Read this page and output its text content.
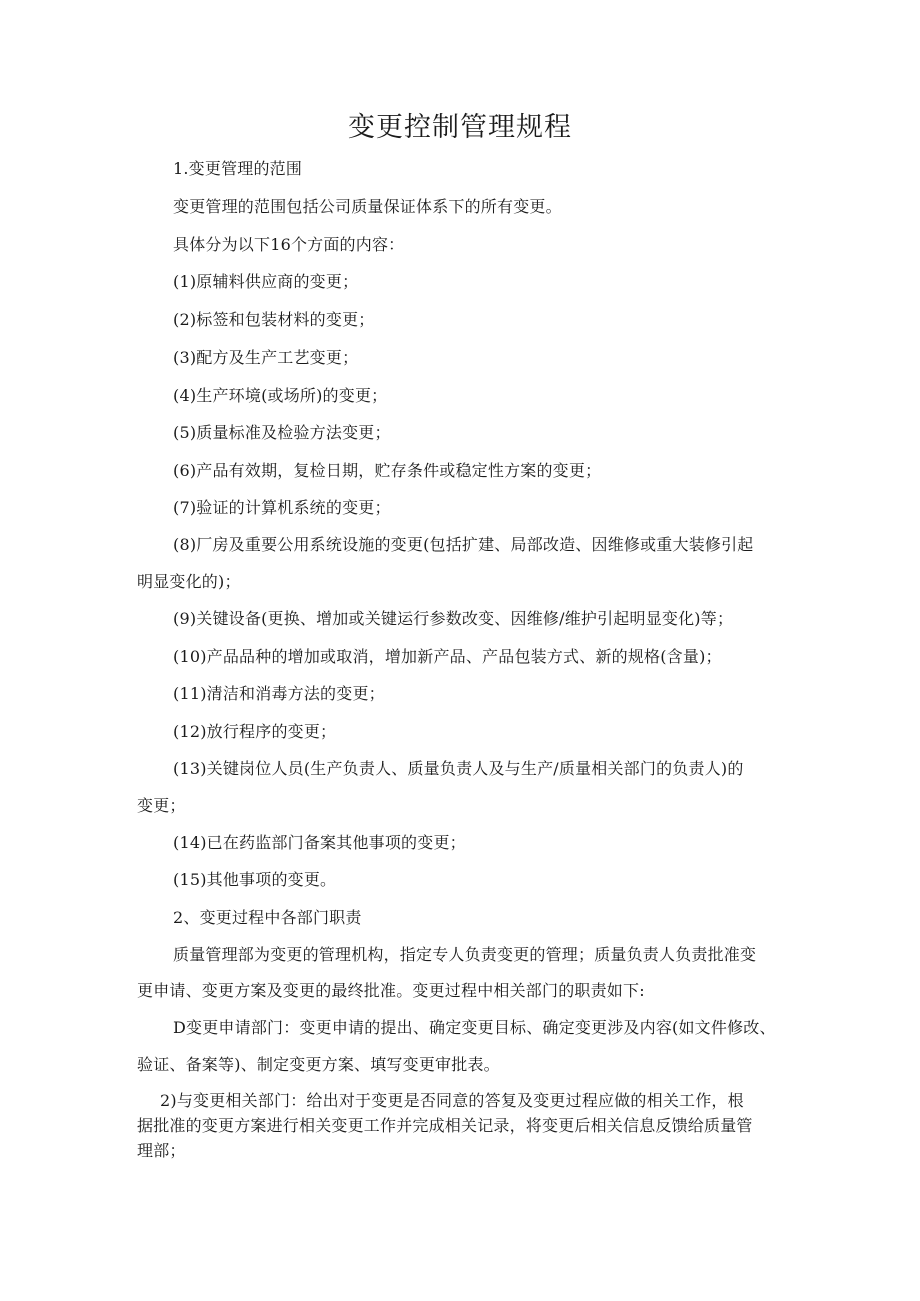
变更控制管理规程
1.变更管理的范围
变更管理的范围包括公司质量保证体系下的所有变更。
具体分为以下16个方面的内容：
(1)原辅料供应商的变更；
(2)标签和包装材料的变更；
(3)配方及生产工艺变更；
(4)生产环境(或场所)的变更；
(5)质量标准及检验方法变更；
(6)产品有效期，复检日期，贮存条件或稳定性方案的变更；
(7)验证的计算机系统的变更；
(8)厂房及重要公用系统设施的变更(包括扩建、局部改造、因维修或重大装修引起
明显变化的)；
(9)关键设备(更换、增加或关键运行参数改变、因维修/维护引起明显变化)等；
(10)产品品种的增加或取消，增加新产品、产品包装方式、新的规格(含量)；
(11)清洁和消毒方法的变更；
(12)放行程序的变更；
(13)关键岗位人员(生产负责人、质量负责人及与生产/质量相关部门的负责人)的
变更；
(14)已在药监部门备案其他事项的变更；
(15)其他事项的变更。
2、变更过程中各部门职责
质量管理部为变更的管理机构，指定专人负责变更的管理；质量负责人负责批准变
更申请、变更方案及变更的最终批准。变更过程中相关部门的职责如下:
D变更申请部门：变更申请的提出、确定变更目标、确定变更涉及内容(如文件修改、
验证、备案等)、制定变更方案、填写变更审批表。
2)与变更相关部门：给出对于变更是否同意的答复及变更过程应做的相关工作，根
据批准的变更方案进行相关变更工作并完成相关记录，将变更后相关信息反馈给质量管
理部；
